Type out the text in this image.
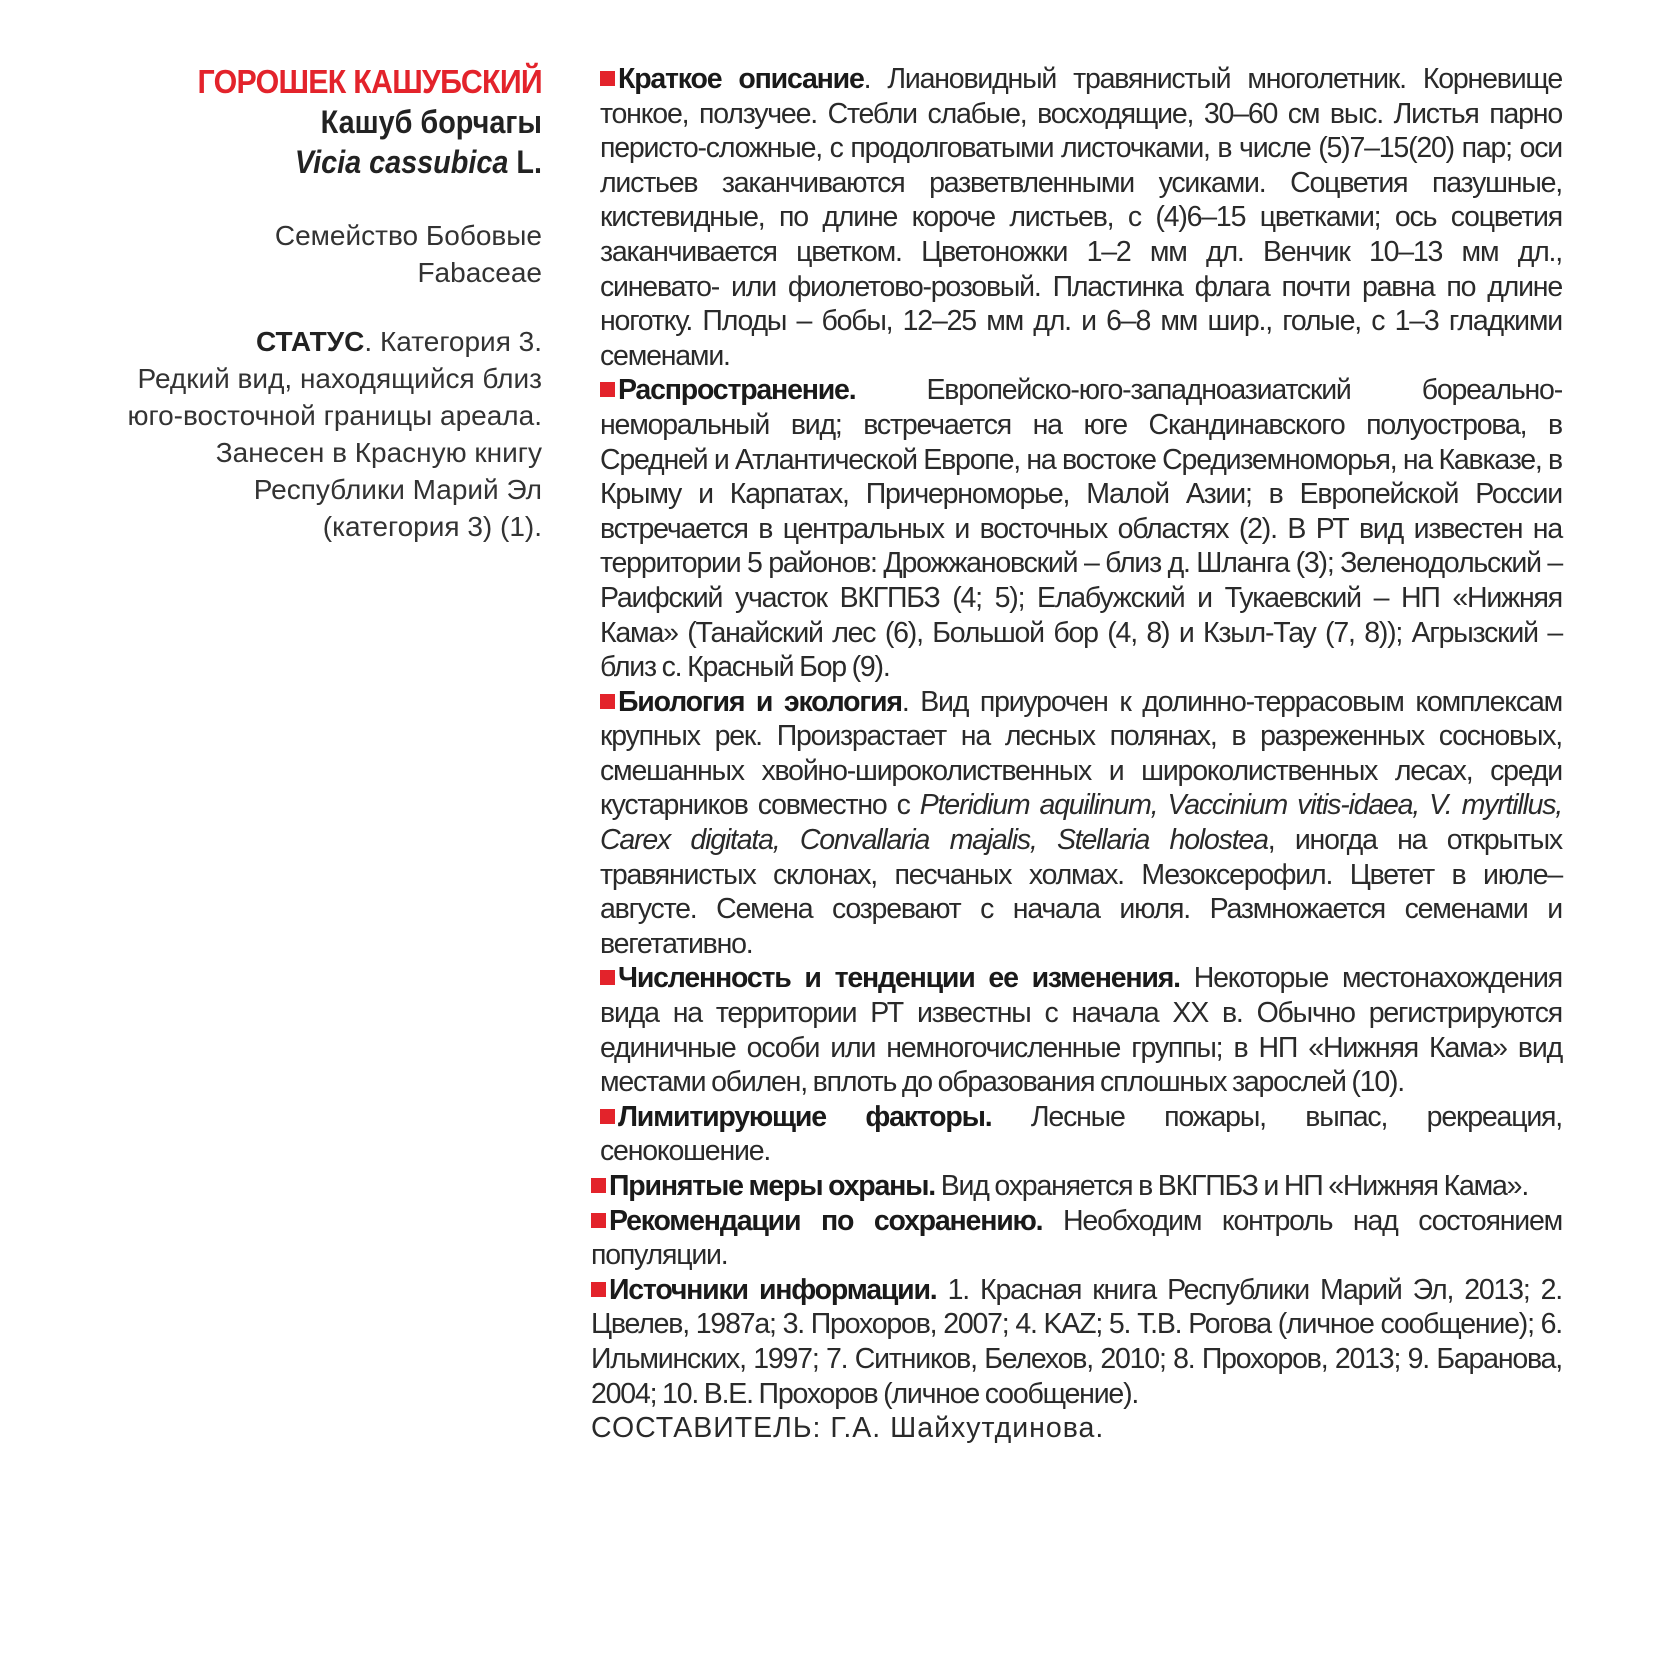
ГОРОШЕК КАШУБСКИЙ
Кашуб борчагы
Vicia cassubica L.
Семейство Бобовые
Fabaceae
СТАТУС. Категория 3.
Редкий вид, находящийся близ
юго-восточной границы ареала.
Занесен в Красную книгу
Республики Марий Эл
(категория 3) (1).

Краткое описание. Лиановидный травянистый многолетник. Корневище тонкое, ползучее. Стебли слабые, восходящие, 30–60 см выс. Листья парно перисто-сложные, с продолговатыми листочками, в числе (5)7–15(20) пар; оси листьев заканчиваются разветвленными усиками. Соцветия пазушные, кистевидные, по длине короче листьев, с (4)6–15 цветками; ось соцветия заканчивается цветком. Цветоножки 1–2 мм дл. Венчик 10–13 мм дл., синевато- или фиолетово-розовый. Пластинка флага почти равна по длине ноготку. Плоды – бобы, 12–25 мм дл. и 6–8 мм шир., голые, с 1–3 гладкими семенами.

Распространение. Европейско-юго-западноазиатский бореально-неморальный вид; встречается на юге Скандинавского полуострова, в Средней и Атлантической Европе, на востоке Средиземноморья, на Кавказе, в Крыму и Карпатах, Причерноморье, Малой Азии; в Европейской России встречается в центральных и восточных областях (2). В РТ вид известен на территории 5 районов: Дрожжановский – близ д. Шланга (3); Зеленодольский – Раифский участок ВКГПБЗ (4; 5); Елабужский и Тукаевский – НП «Нижняя Кама» (Танайский лес (6), Большой бор (4, 8) и Кзыл-Тау (7, 8)); Агрызский – близ с. Красный Бор (9).

Биология и экология. Вид приурочен к долинно-террасовым комплексам крупных рек. Произрастает на лесных полянах, в разреженных сосновых, смешанных хвойно-широколиственных и широколиственных лесах, среди кустарников совместно с Pteridium aquilinum, Vaccinium vitis-idaea, V. myrtillus, Carex digitata, Convallaria majalis, Stellaria holostea, иногда на открытых травянистых склонах, песчаных холмах. Мезоксерофил. Цветет в июле–августе. Семена созревают с начала июля. Размножается семенами и вегетативно.

Численность и тенденции ее изменения. Некоторые местонахождения вида на территории РТ известны с начала XX в. Обычно регистрируются единичные особи или немногочисленные группы; в НП «Нижняя Кама» вид местами обилен, вплоть до образования сплошных зарослей (10).

Лимитирующие факторы. Лесные пожары, выпас, рекреация, сенокошение.

Принятые меры охраны. Вид охраняется в ВКГПБЗ и НП «Нижняя Кама».

Рекомендации по сохранению. Необходим контроль над состоянием популяции.

Источники информации. 1. Красная книга Республики Марий Эл, 2013; 2. Цвелев, 1987а; 3. Прохоров, 2007; 4. KAZ; 5. Т.В. Рогова (личное сообщение); 6. Ильминских, 1997; 7. Ситников, Белехов, 2010; 8. Прохоров, 2013; 9. Баранова, 2004; 10. В.Е. Прохоров (личное сообщение).

СОСТАВИТЕЛЬ: Г.А. Шайхутдинова.
